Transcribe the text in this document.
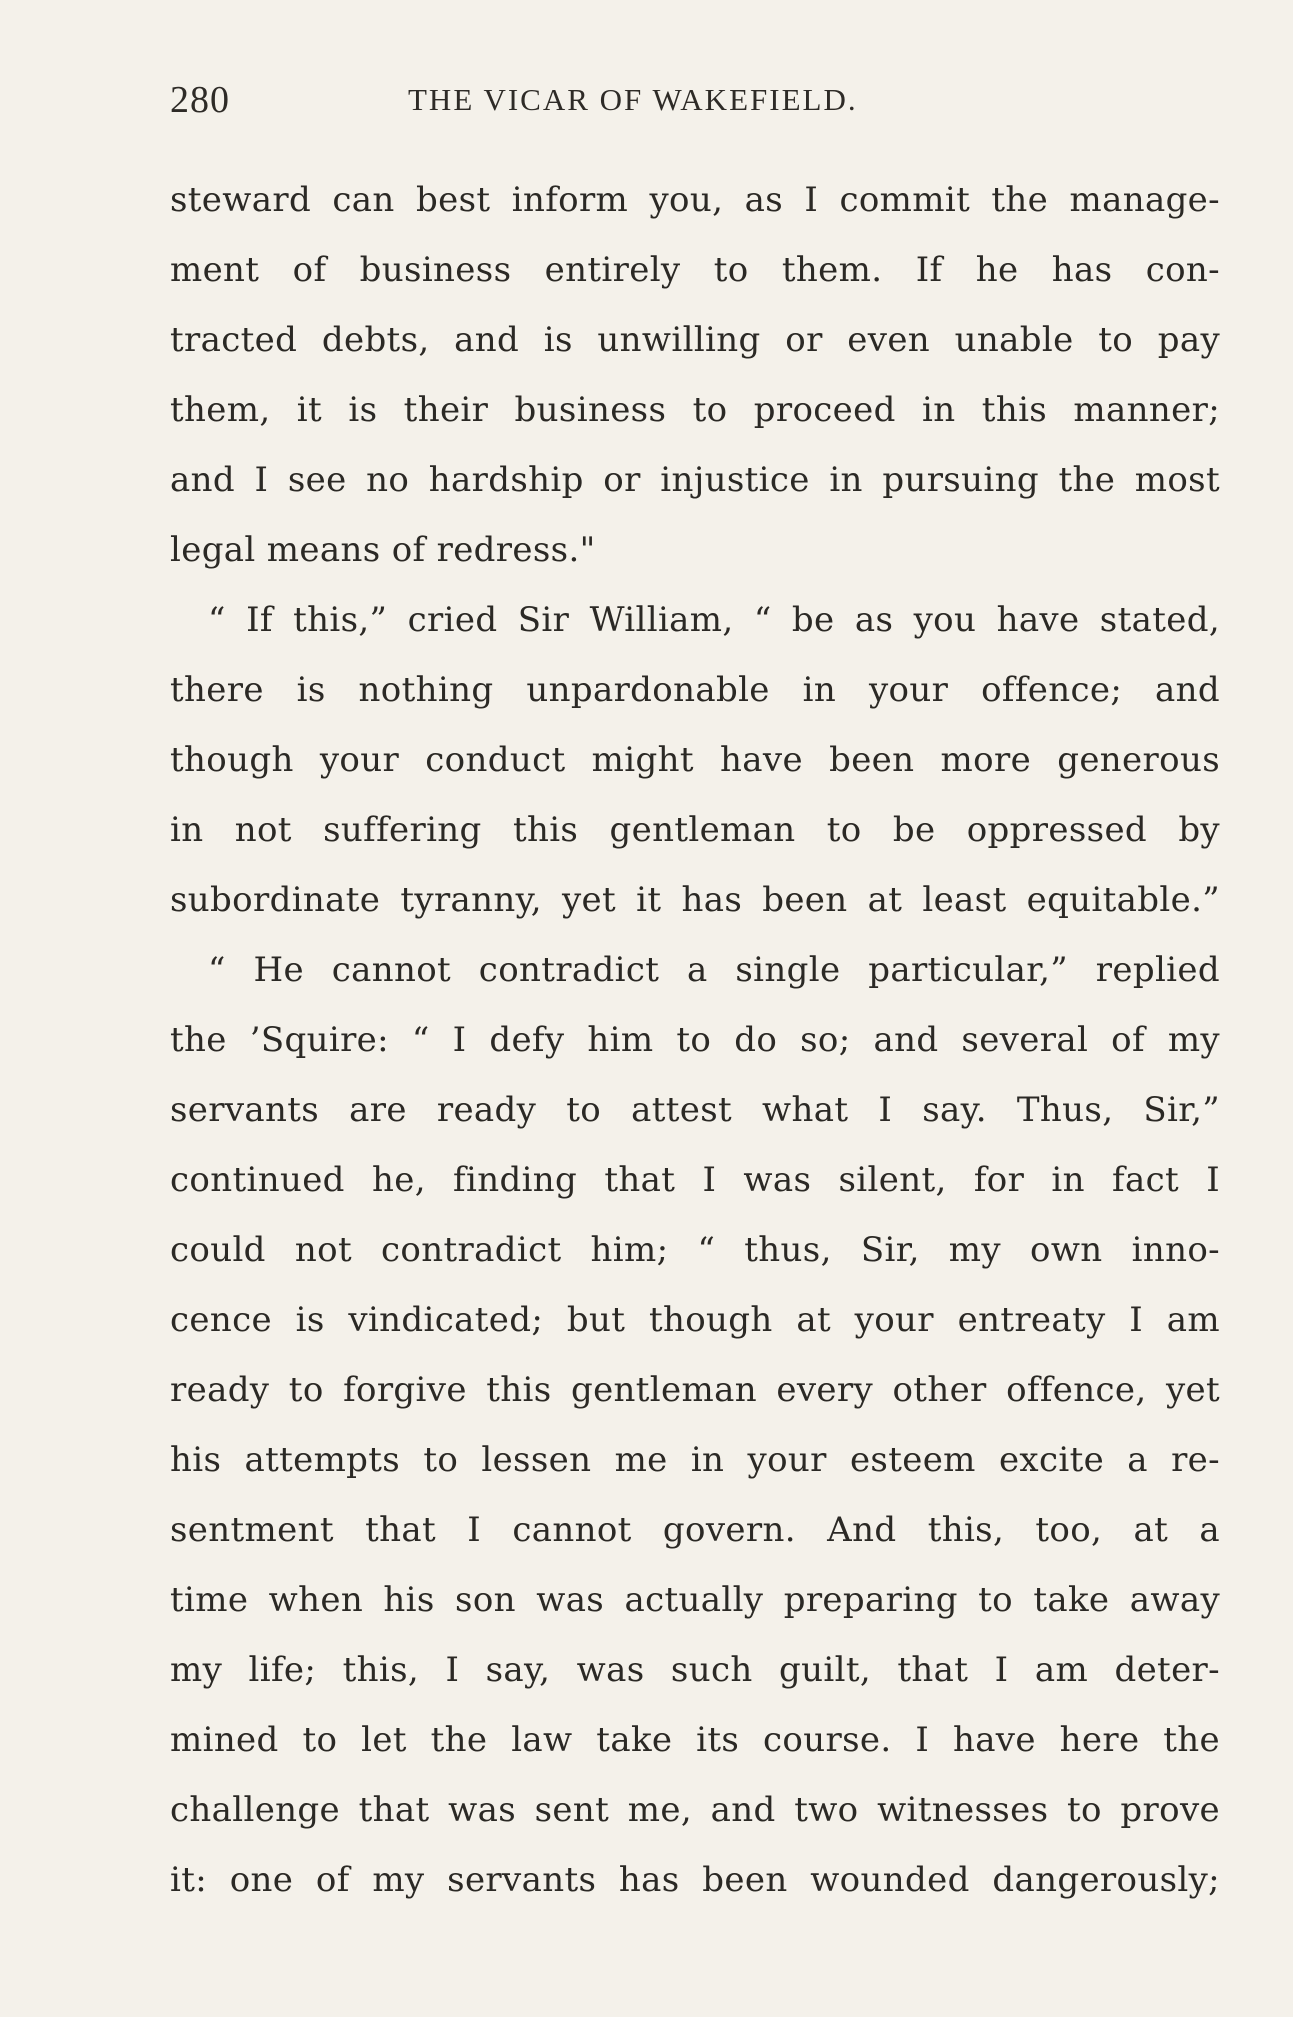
280	THE VICAR OF WAKEFIELD.
steward can best inform you, as I commit the manage-
ment of business entirely to them. If he has con-
tracted debts, and is unwilling or even unable to pay
them, it is their business to proceed in this manner;
and I see no hardship or injustice in pursuing the most
legal means of redress."
“ If this,” cried Sir William, “ be as you have stated,
there is nothing unpardonable in your offence; and
though your conduct might have been more generous
in not suffering this gentleman to be oppressed by
subordinate tyranny, yet it has been at least equitable.”
“ He cannot contradict a single particular,” replied
the ’Squire: “ I defy him to do so; and several of my
servants are ready to attest what I say. Thus, Sir,”
continued he, finding that I was silent, for in fact I
could not contradict him; “ thus, Sir, my own inno-
cence is vindicated; but though at your entreaty I am
ready to forgive this gentleman every other offence, yet
his attempts to lessen me in your esteem excite a re-
sentment that I cannot govern. And this, too, at a
time when his son was actually preparing to take away
my life; this, I say, was such guilt, that I am deter-
mined to let the law take its course. I have here the
challenge that was sent me, and two witnesses to prove
it: one of my servants has been wounded dangerously;
